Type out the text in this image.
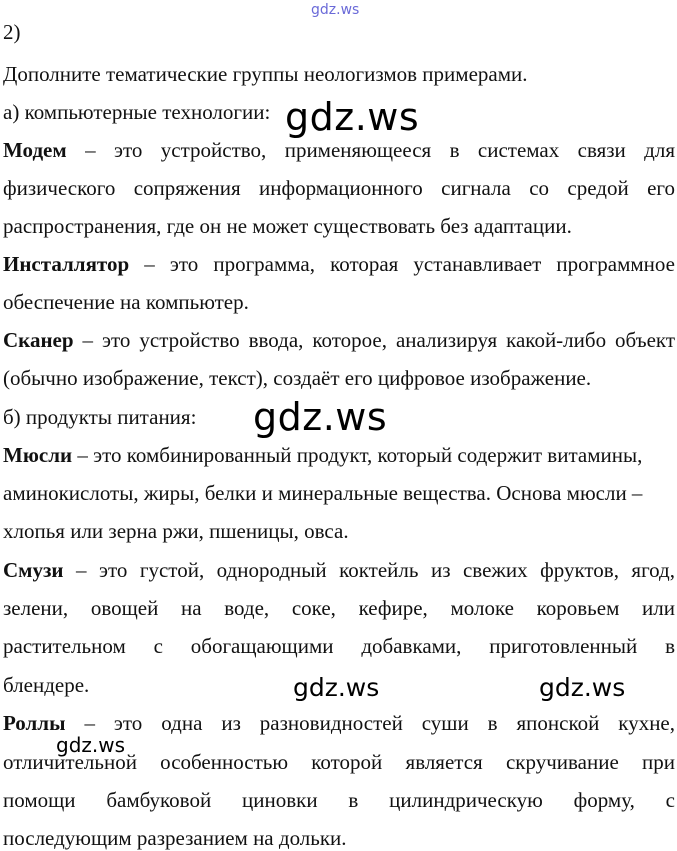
gdz.ws
2)
Дополните тематические группы неологизмов примерами.
а) компьютерные технологии:
Модем – это устройство, применяющееся в системах связи для
физического сопряжения информационного сигнала со средой его
распространения, где он не может существовать без адаптации.
Инсталлятор – это программа, которая устанавливает программное
обеспечение на компьютер.
Сканер – это устройство ввода, которое, анализируя какой-либо объект
(обычно изображение, текст), создаёт его цифровое изображение.
б) продукты питания:
Мюсли – это комбинированный продукт, который содержит витамины,
аминокислоты, жиры, белки и минеральные вещества. Основа мюсли –
хлопья или зерна ржи, пшеницы, овса.
Смузи – это густой, однородный коктейль из свежих фруктов, ягод,
зелени, овощей на воде, соке, кефире, молоке коровьем или
растительном с обогащающими добавками, приготовленный в
блендере.
Роллы – это одна из разновидностей суши в японской кухне,
отличительной особенностью которой является скручивание при
помощи бамбуковой циновки в цилиндрическую форму, с
последующим разрезанием на дольки.
gdz.ws
gdz.ws
gdz.ws	gdz.ws
gdz.ws
